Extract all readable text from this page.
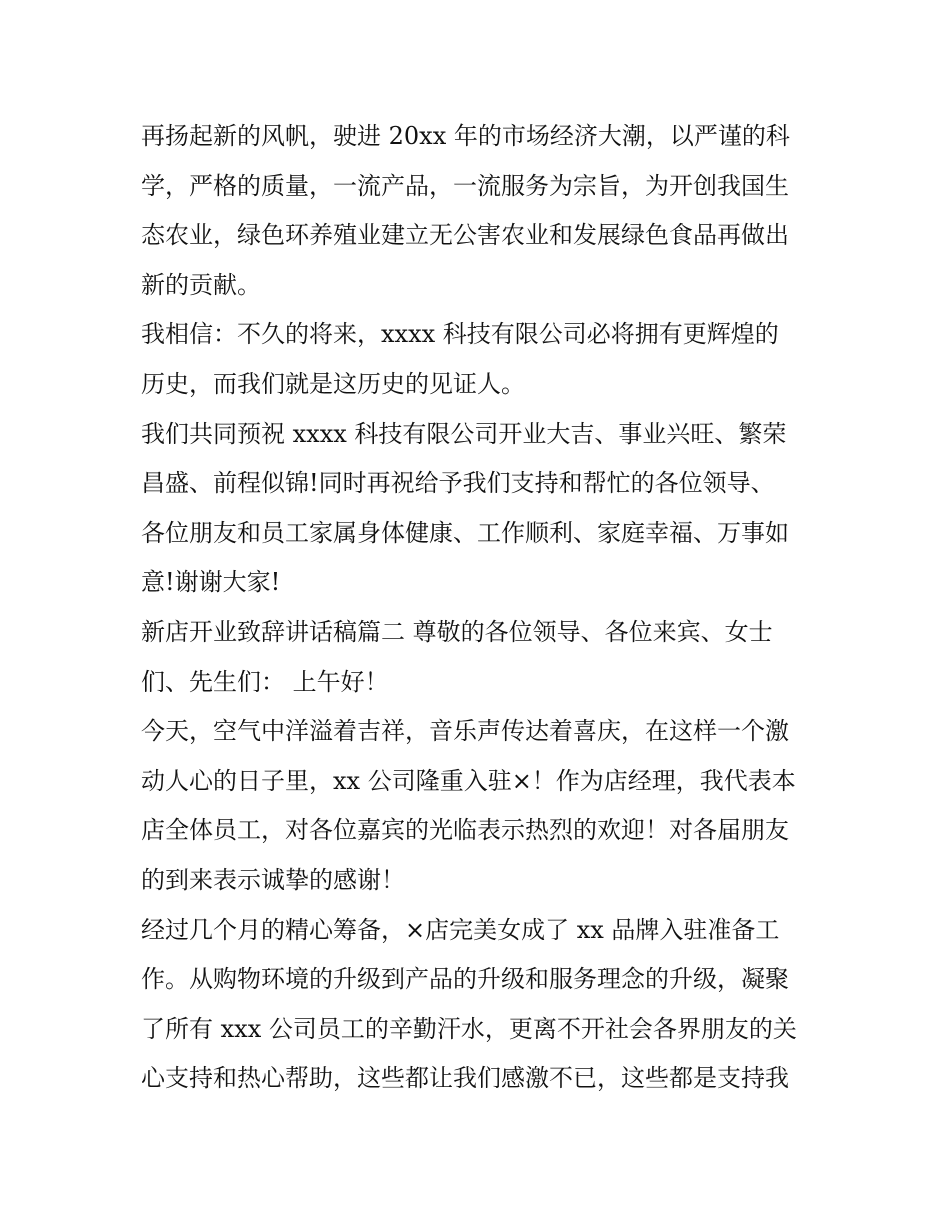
再扬起新的风帆，驶进 20xx 年的市场经济大潮，以严谨的科
学，严格的质量，一流产品，一流服务为宗旨，为开创我国生
态农业，绿色环养殖业建立无公害农业和发展绿色食品再做出
新的贡献。
我相信：不久的将来，xxxx 科技有限公司必将拥有更辉煌的
历史，而我们就是这历史的见证人。
我们共同预祝 xxxx 科技有限公司开业大吉、事业兴旺、繁荣
昌盛、前程似锦!同时再祝给予我们支持和帮忙的各位领导、
各位朋友和员工家属身体健康、工作顺利、家庭幸福、万事如
意!谢谢大家!
新店开业致辞讲话稿篇二 尊敬的各位领导、各位来宾、女士
们、先生们： 上午好！
今天，空气中洋溢着吉祥，音乐声传达着喜庆，在这样一个激
动人心的日子里，xx 公司隆重入驻×！作为店经理，我代表本
店全体员工，对各位嘉宾的光临表示热烈的欢迎！对各届朋友
的到来表示诚挚的感谢！
经过几个月的精心筹备，×店完美女成了 xx 品牌入驻准备工
作。从购物环境的升级到产品的升级和服务理念的升级，凝聚
了所有 xxx 公司员工的辛勤汗水，更离不开社会各界朋友的关
心支持和热心帮助，这些都让我们感激不已，这些都是支持我
